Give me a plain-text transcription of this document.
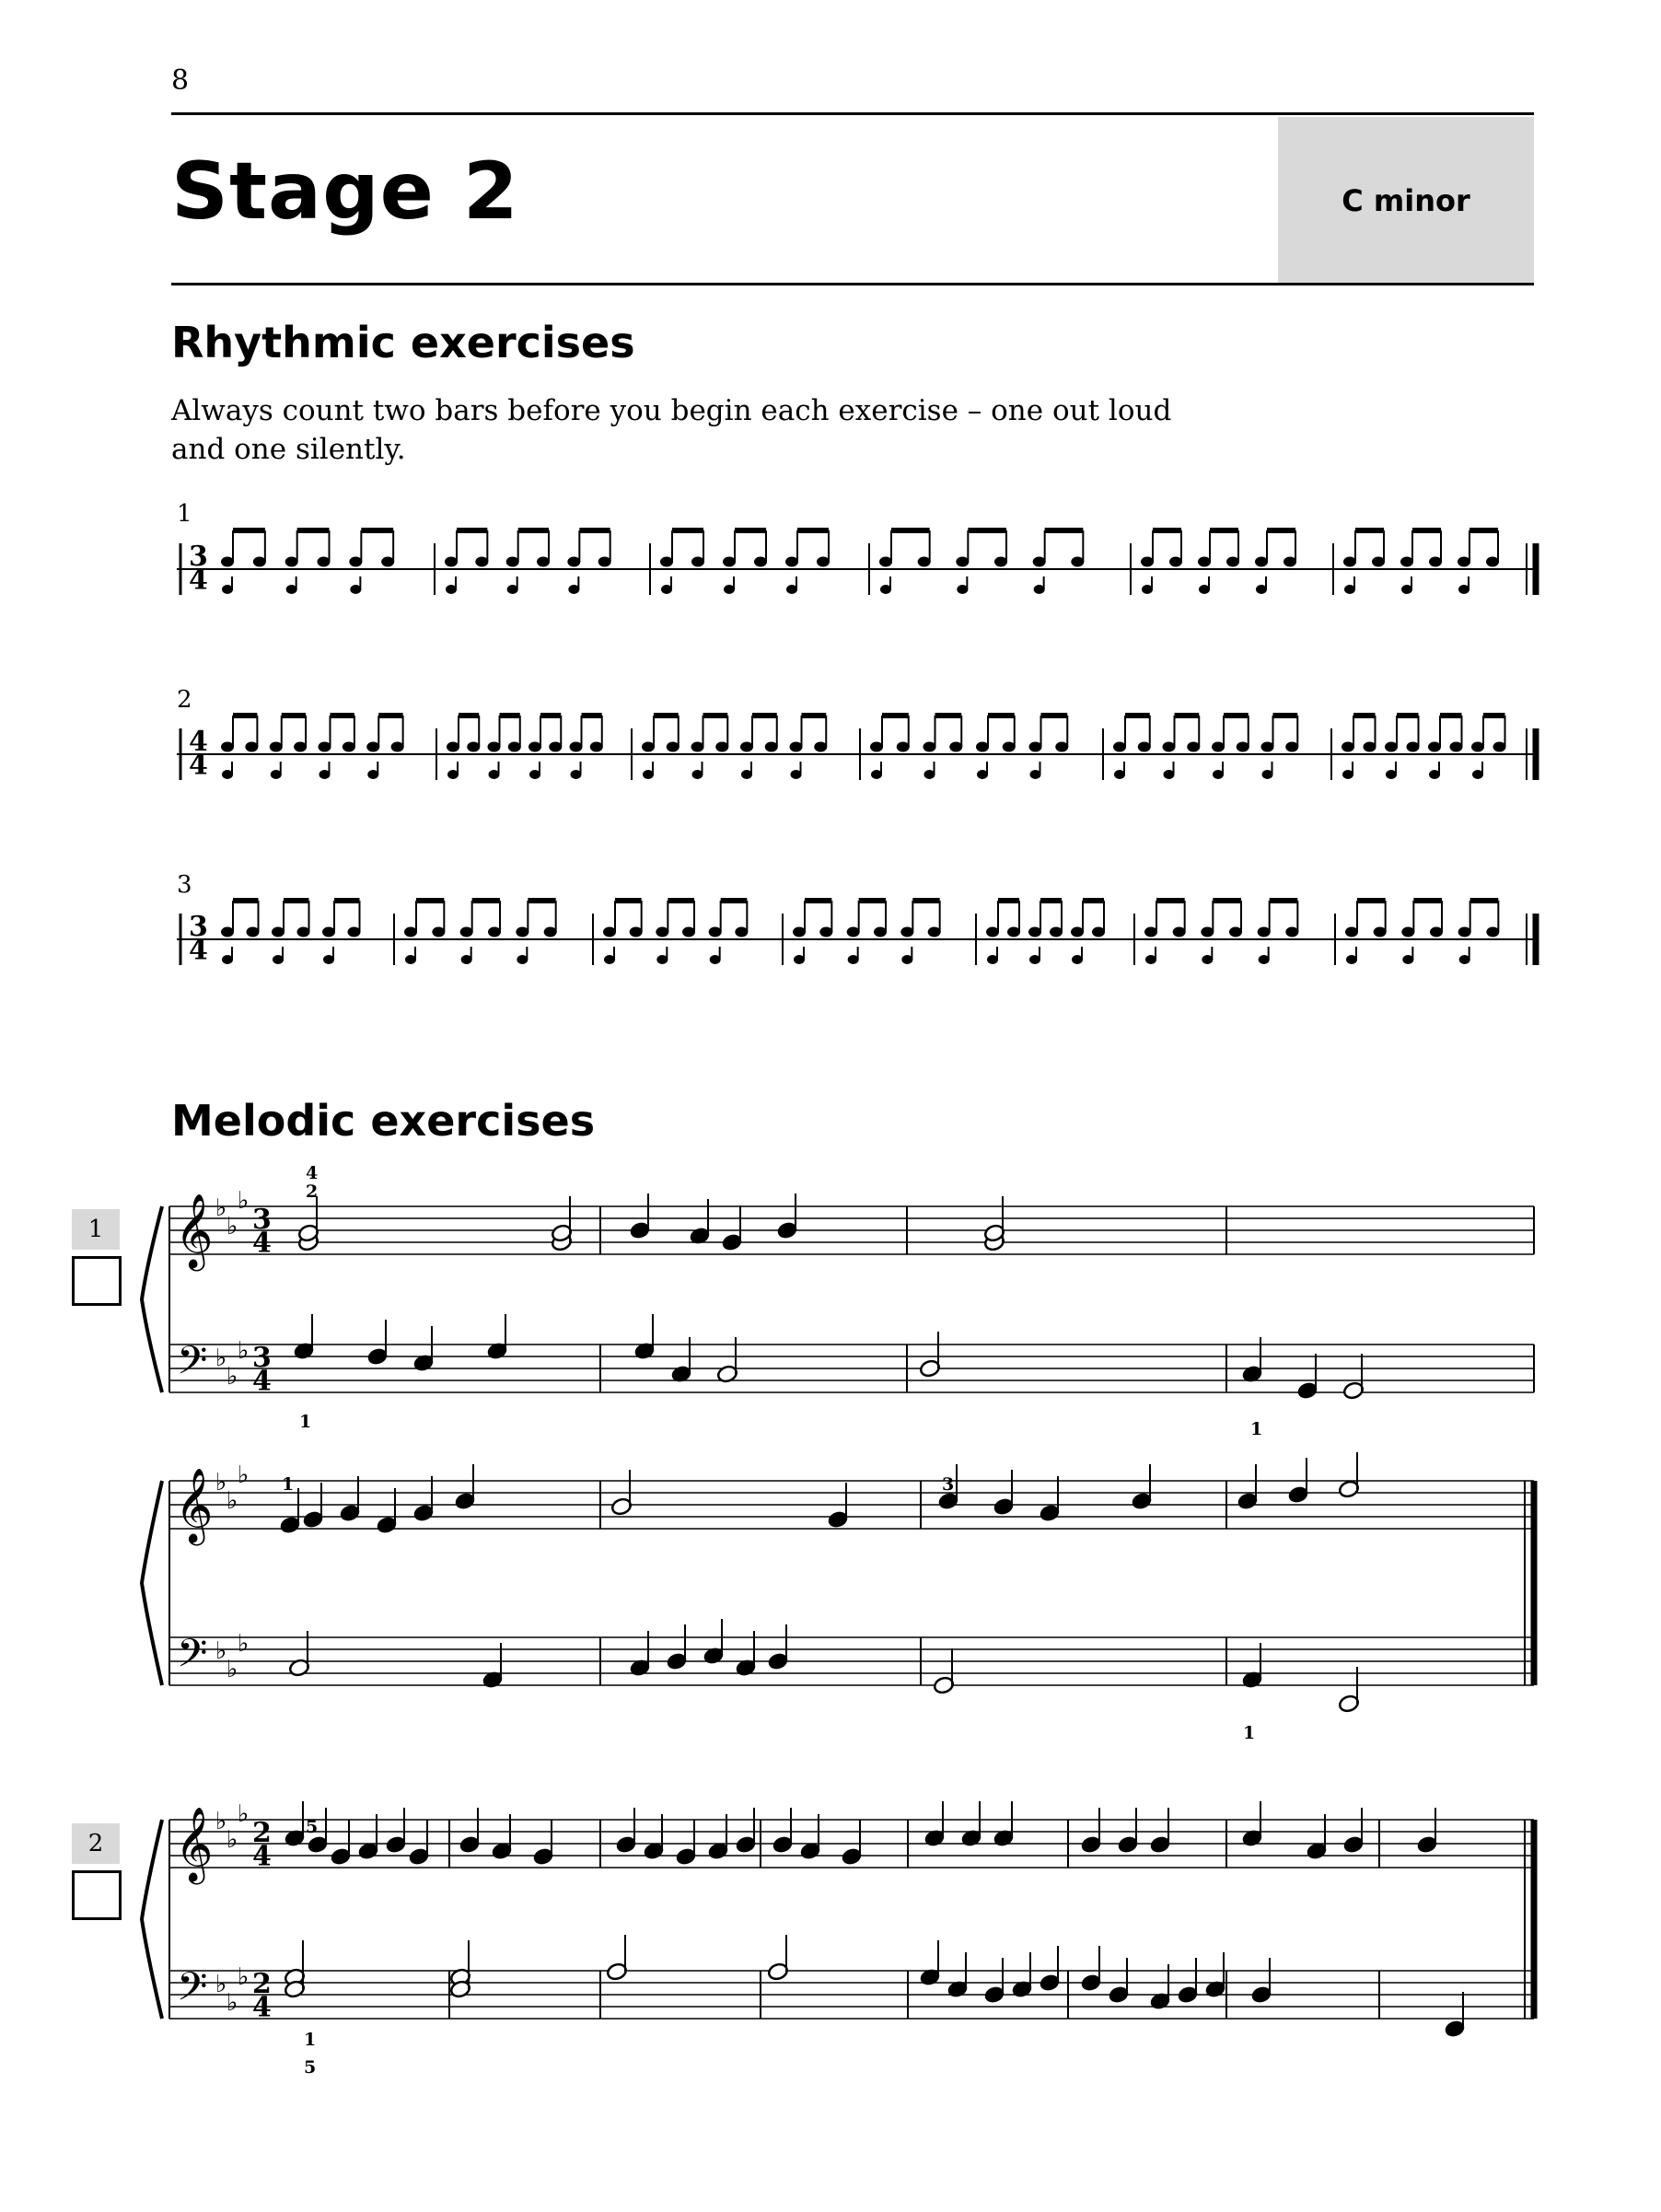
8
Stage 2	C minor
Rhythmic exercises
Always count two bars before you begin each exercise – one out loud and one silently.
1
2
3
Melodic exercises
1
2
3
4
4
4
3
4
𝄞
𝄢
♭
♭
♭
♭
♭
♭
3
4
3
4
𝄞
𝄢
♭
♭
♭
♭
♭
♭
𝄞
𝄢
♭
♭
♭
♭
♭
♭
2
4
2
4
4
2
1	1
1	3
1
5
1
5
